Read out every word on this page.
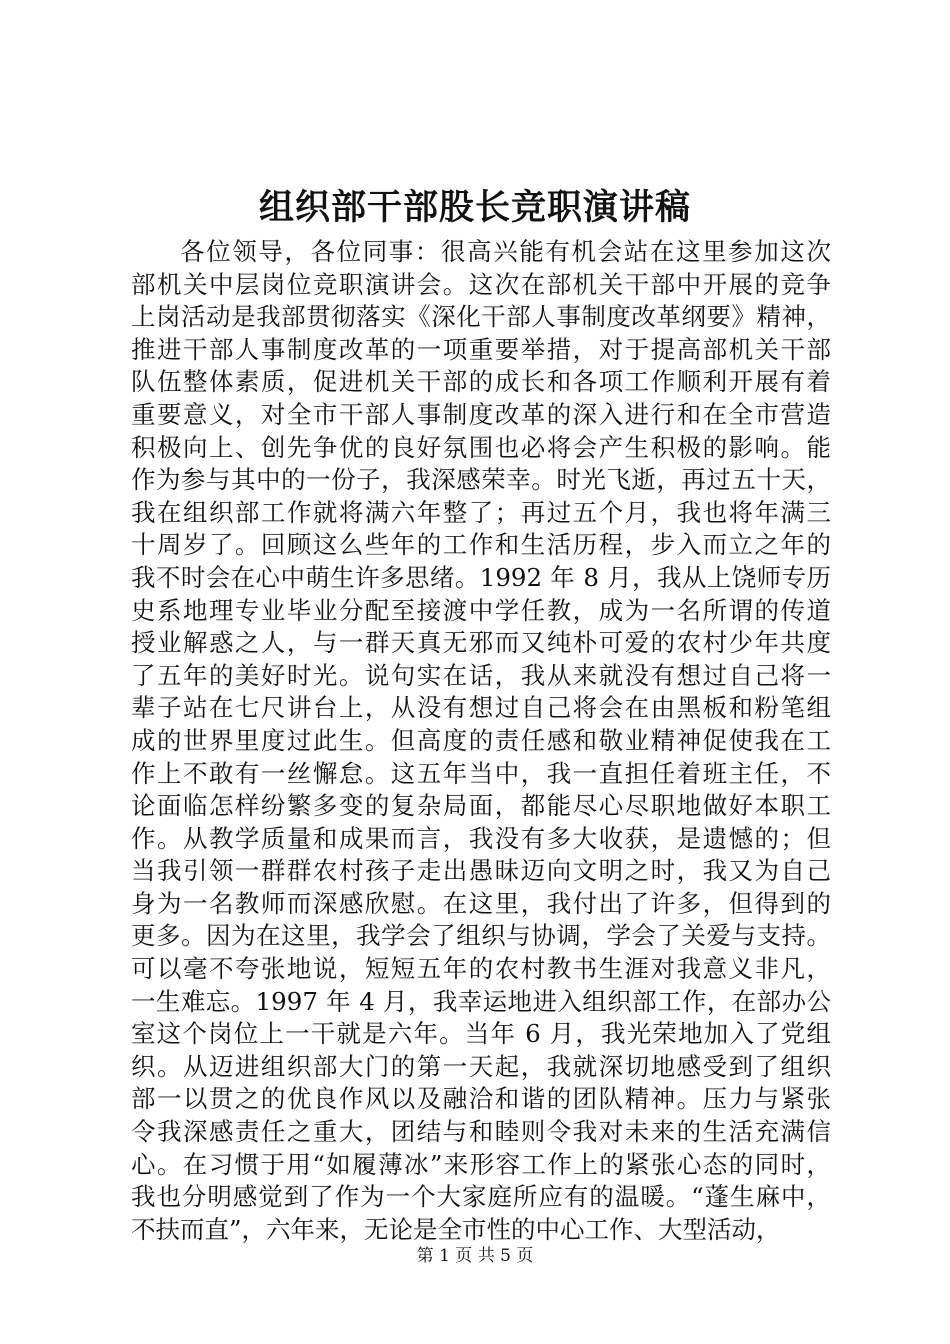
组织部干部股长竞职演讲稿
各位领导，各位同事：很高兴能有机会站在这里参加这次
部机关中层岗位竞职演讲会。这次在部机关干部中开展的竞争
上岗活动是我部贯彻落实《深化干部人事制度改革纲要》精神，
推进干部人事制度改革的一项重要举措，对于提高部机关干部
队伍整体素质，促进机关干部的成长和各项工作顺利开展有着
重要意义，对全市干部人事制度改革的深入进行和在全市营造
积极向上、创先争优的良好氛围也必将会产生积极的影响。能
作为参与其中的一份子，我深感荣幸。时光飞逝，再过五十天，
我在组织部工作就将满六年整了；再过五个月，我也将年满三
十周岁了。回顾这么些年的工作和生活历程，步入而立之年的
我不时会在心中萌生许多思绪。1992 年 8 月，我从上饶师专历
史系地理专业毕业分配至接渡中学任教，成为一名所谓的传道
授业解惑之人，与一群天真无邪而又纯朴可爱的农村少年共度
了五年的美好时光。说句实在话，我从来就没有想过自己将一
辈子站在七尺讲台上，从没有想过自己将会在由黑板和粉笔组
成的世界里度过此生。但高度的责任感和敬业精神促使我在工
作上不敢有一丝懈怠。这五年当中，我一直担任着班主任，不
论面临怎样纷繁多变的复杂局面，都能尽心尽职地做好本职工
作。从教学质量和成果而言，我没有多大收获，是遗憾的；但
当我引领一群群农村孩子走出愚昧迈向文明之时，我又为自己
身为一名教师而深感欣慰。在这里，我付出了许多，但得到的
更多。因为在这里，我学会了组织与协调，学会了关爱与支持。
可以毫不夸张地说，短短五年的农村教书生涯对我意义非凡，
一生难忘。1997 年 4 月，我幸运地进入组织部工作，在部办公
室这个岗位上一干就是六年。当年 6 月，我光荣地加入了党组
织。从迈进组织部大门的第一天起，我就深切地感受到了组织
部一以贯之的优良作风以及融洽和谐的团队精神。压力与紧张
令我深感责任之重大，团结与和睦则令我对未来的生活充满信
心。在习惯于用“如履薄冰”来形容工作上的紧张心态的同时，
我也分明感觉到了作为一个大家庭所应有的温暖。“蓬生麻中，
不扶而直”，六年来，无论是全市性的中心工作、大型活动，
第 1 页 共 5 页
